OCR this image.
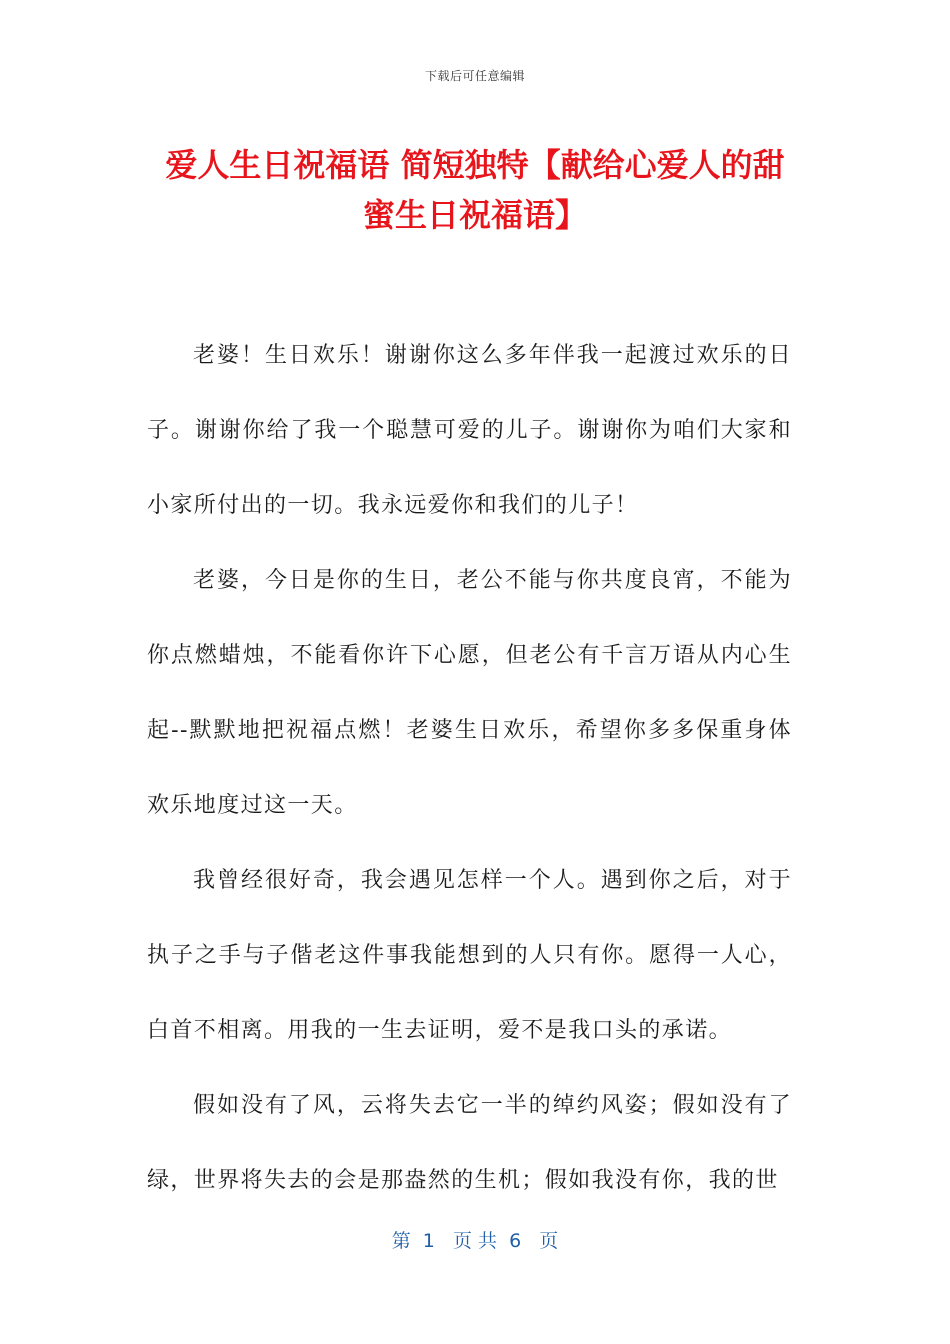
下载后可任意编辑
爱人生日祝福语 简短独特【献给心爱人的甜
蜜生日祝福语】

老婆！生日欢乐！谢谢你这么多年伴我一起渡过欢乐的日子。谢谢你给了我一个聪慧可爱的儿子。谢谢你为咱们大家和小家所付出的一切。我永远爱你和我们的儿子！

老婆，今日是你的生日，老公不能与你共度良宵，不能为你点燃蜡烛，不能看你许下心愿，但老公有千言万语从内心生起--默默地把祝福点燃！老婆生日欢乐，希望你多多保重身体欢乐地度过这一天。

我曾经很好奇，我会遇见怎样一个人。遇到你之后，对于执子之手与子偕老这件事我能想到的人只有你。愿得一人心，白首不相离。用我的一生去证明，爱不是我口头的承诺。

假如没有了风，云将失去它一半的绰约风姿；假如没有了绿，世界将失去的会是那盎然的生机；假如我没有你，我的世

第  1   页 共  6   页
